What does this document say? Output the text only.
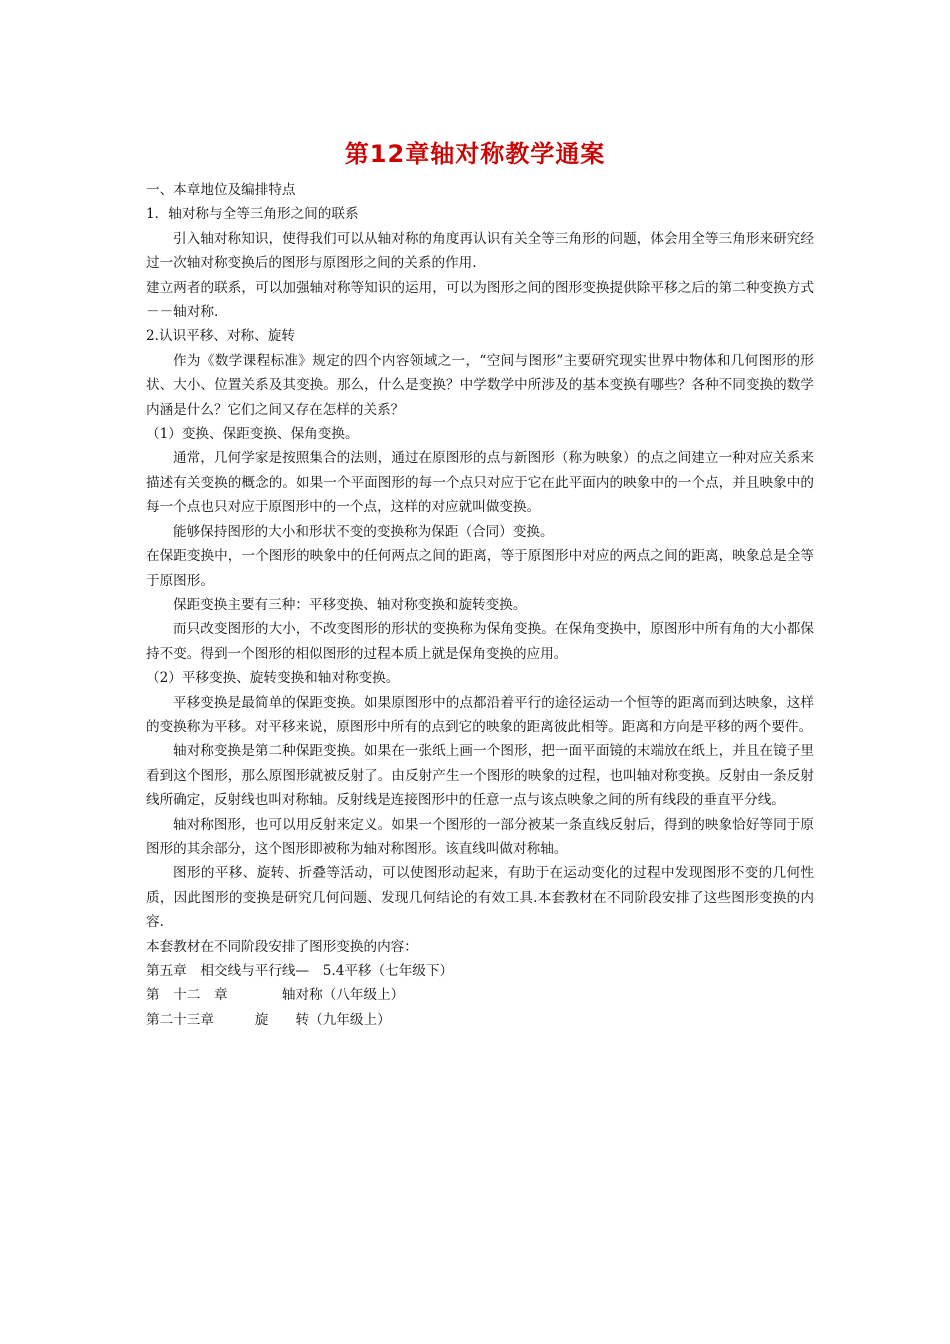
第12章轴对称教学通案

一、本章地位及编排特点

1．轴对称与全等三角形之间的联系

引入轴对称知识，使得我们可以从轴对称的角度再认识有关全等三角形的问题，体会用全等三角形来研究经过一次轴对称变换后的图形与原图形之间的关系的作用.

建立两者的联系，可以加强轴对称等知识的运用，可以为图形之间的图形变换提供除平移之后的第二种变换方式－－轴对称.

2.认识平移、对称、旋转

作为《数学课程标准》规定的四个内容领域之一，“空间与图形”主要研究现实世界中物体和几何图形的形状、大小、位置关系及其变换。那么，什么是变换？中学数学中所涉及的基本变换有哪些？各种不同变换的数学内涵是什么？它们之间又存在怎样的关系？

（1）变换、保距变换、保角变换。

通常，几何学家是按照集合的法则，通过在原图形的点与新图形（称为映象）的点之间建立一种对应关系来描述有关变换的概念的。如果一个平面图形的每一个点只对应于它在此平面内的映象中的一个点，并且映象中的每一个点也只对应于原图形中的一个点，这样的对应就叫做变换。

能够保持图形的大小和形状不变的变换称为保距（合同）变换。

在保距变换中，一个图形的映象中的任何两点之间的距离，等于原图形中对应的两点之间的距离，映象总是全等于原图形。

保距变换主要有三种：平移变换、轴对称变换和旋转变换。

而只改变图形的大小，不改变图形的形状的变换称为保角变换。在保角变换中，原图形中所有角的大小都保持不变。得到一个图形的相似图形的过程本质上就是保角变换的应用。

（2）平移变换、旋转变换和轴对称变换。

平移变换是最简单的保距变换。如果原图形中的点都沿着平行的途径运动一个恒等的距离而到达映象，这样的变换称为平移。对平移来说，原图形中所有的点到它的映象的距离彼此相等。距离和方向是平移的两个要件。

轴对称变换是第二种保距变换。如果在一张纸上画一个图形，把一面平面镜的末端放在纸上，并且在镜子里看到这个图形，那么原图形就被反射了。由反射产生一个图形的映象的过程，也叫轴对称变换。反射由一条反射线所确定，反射线也叫对称轴。反射线是连接图形中的任意一点与该点映象之间的所有线段的垂直平分线。

轴对称图形，也可以用反射来定义。如果一个图形的一部分被某一条直线反射后，得到的映象恰好等同于原图形的其余部分，这个图形即被称为轴对称图形。该直线叫做对称轴。

图形的平移、旋转、折叠等活动，可以使图形动起来，有助于在运动变化的过程中发现图形不变的几何性质，因此图形的变换是研究几何问题、发现几何结论的有效工具.本套教材在不同阶段安排了这些图形变换的内容.

本套教材在不同阶段安排了图形变换的内容：

第五章　相交线与平行线—　5.4平移（七年级下）

第　十二　章　　　　轴对称（八年级上）

第二十三章　　　旋　　转（九年级上）
